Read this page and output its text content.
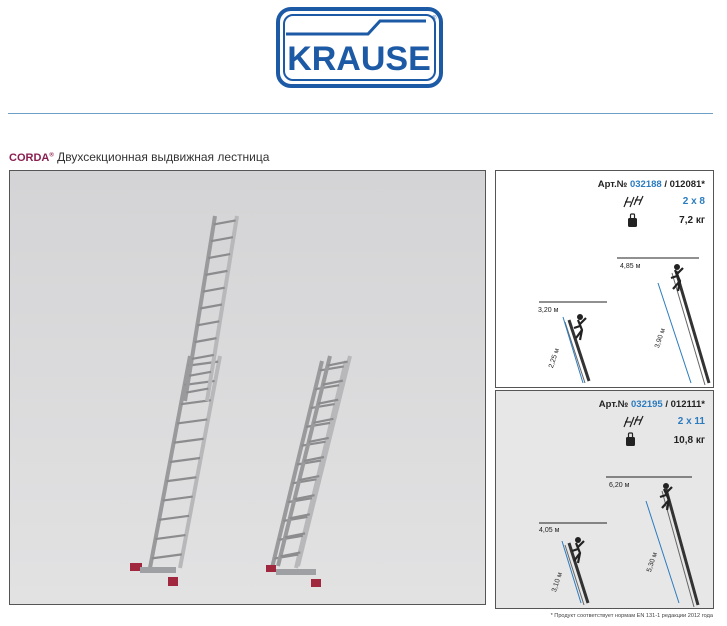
KRAUSE
®
CORDA® Двухсекционная выдвижная лестница
Арт.№ 032188 / 012081*
2 x 8
7,2 кг
3,20 м
2,25 м
4,85 м
3,90 м
Арт.№ 032195 / 012111*
2 x 11
10,8 кг
4,05 м
3,10 м
6,20 м
5,30 м
* Продукт соответствует нормам EN 131-1 редакции 2012 года
